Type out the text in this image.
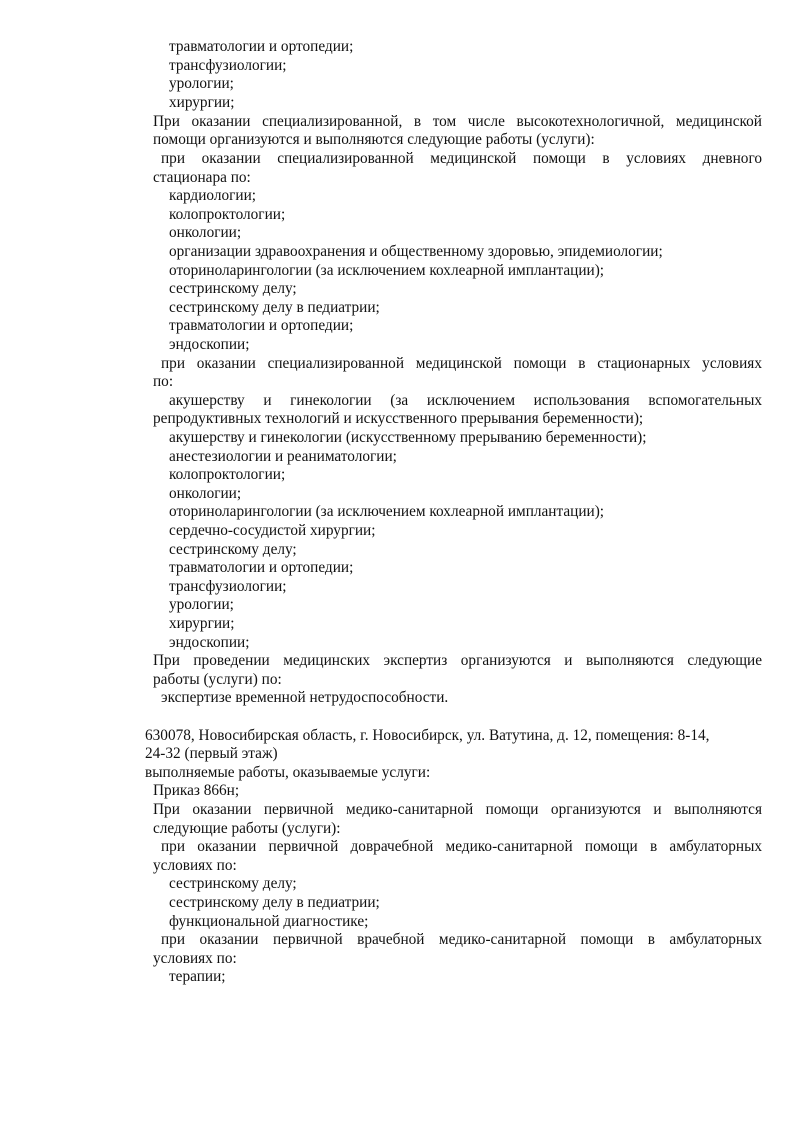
травматологии и ортопедии;

трансфузиологии;

урологии;

хирургии;

При оказании специализированной, в том числе высокотехнологичной, медицинской

помощи организуются и выполняются следующие работы (услуги):

при оказании специализированной медицинской помощи в условиях дневного

стационара по:

кардиологии;

колопроктологии;

онкологии;

организации здравоохранения и общественному здоровью, эпидемиологии;

оториноларингологии (за исключением кохлеарной имплантации);

сестринскому делу;

сестринскому делу в педиатрии;

травматологии и ортопедии;

эндоскопии;

при оказании специализированной медицинской помощи в стационарных условиях

по:

акушерству и гинекологии (за исключением использования вспомогательных

репродуктивных технологий и искусственного прерывания беременности);

акушерству и гинекологии (искусственному прерыванию беременности);

анестезиологии и реаниматологии;

колопроктологии;

онкологии;

оториноларингологии (за исключением кохлеарной имплантации);

сердечно-сосудистой хирургии;

сестринскому делу;

травматологии и ортопедии;

трансфузиологии;

урологии;

хирургии;

эндоскопии;

При проведении медицинских экспертиз организуются и выполняются следующие

работы (услуги) по:

экспертизе временной нетрудоспособности.

630078, Новосибирская область, г. Новосибирск, ул. Ватутина, д. 12, помещения: 8-14,

24-32 (первый этаж)

выполняемые работы, оказываемые услуги:

Приказ 866н;

При оказании первичной медико-санитарной помощи организуются и выполняются

следующие работы (услуги):

при оказании первичной доврачебной медико-санитарной помощи в амбулаторных

условиях по:

сестринскому делу;

сестринскому делу в педиатрии;

функциональной диагностике;

при оказании первичной врачебной медико-санитарной помощи в амбулаторных

условиях по:

терапии;
